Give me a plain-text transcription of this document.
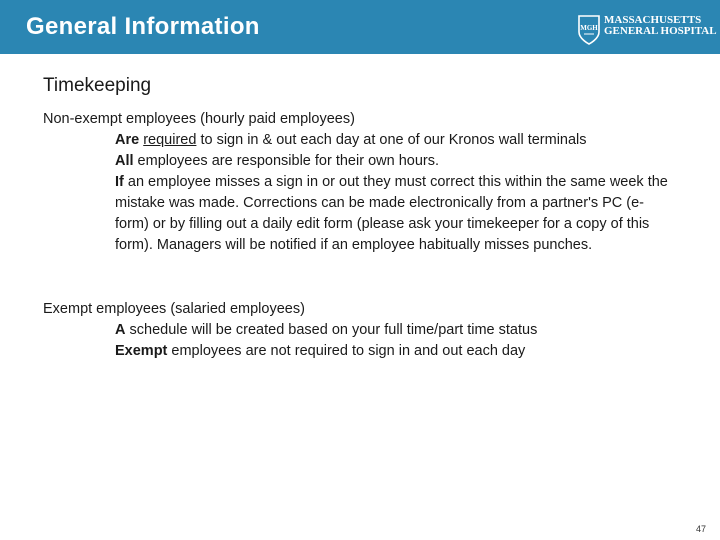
General Information	MGH
MASSACHUSETTS
GENERAL HOSPITAL
Timekeeping
Non-exempt employees (hourly paid employees)
Are required to sign in & out each day at one of our Kronos wall terminals
All employees are responsible for their own hours.
If an employee misses a sign in or out they must correct this within the same week the mistake was made. Corrections can be made electronically from a partner's PC (e-form) or by filling out a daily edit form (please ask your timekeeper for a copy of this form). Managers will be notified if an employee habitually misses punches.
Exempt employees (salaried employees)
A schedule will be created based on your full time/part time status
Exempt employees are not required to sign in and out each day
47
